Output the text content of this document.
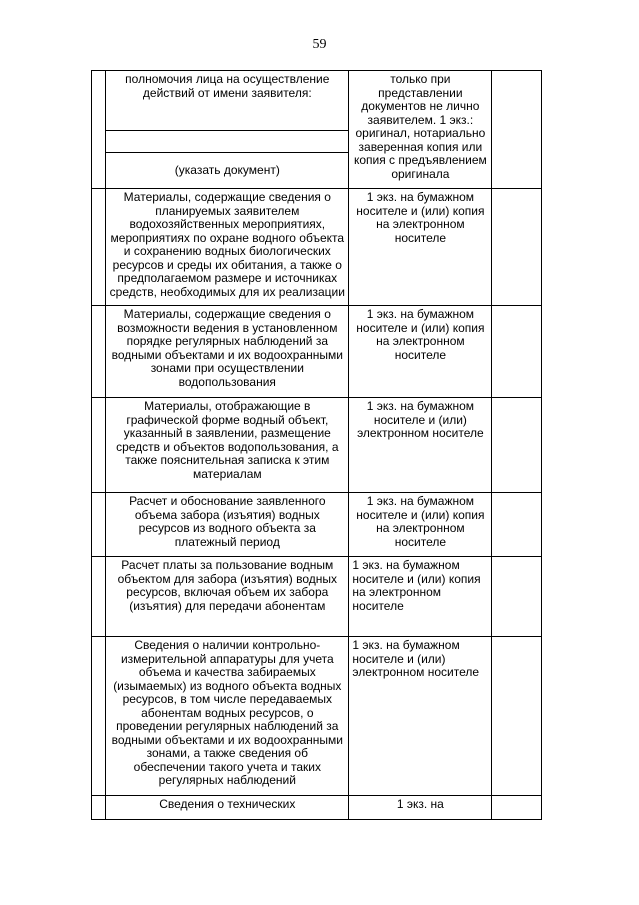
59
	полномочия лица на осуществление действий от имени заявителя:	только при представлении документов не лично заявителем. 1 экз.: оригинал, нотариально заверенная копия или копия с предъявлением оригинала	

	(указать документ)		
	Материалы, содержащие сведения о планируемых заявителем водохозяйственных мероприятиях, мероприятиях по охране водного объекта и сохранению водных биологических ресурсов и среды их обитания, а также о предполагаемом размере и источниках средств, необходимых для их реализации	1 экз. на бумажном носителе и (или) копия на электронном носителе	
	Материалы, содержащие сведения о возможности ведения в установленном порядке регулярных наблюдений за водными объектами и их водоохранными зонами при осуществлении водопользования	1 экз. на бумажном носителе и (или) копия на электронном носителе	
	Материалы, отображающие в графической форме водный объект, указанный в заявлении, размещение средств и объектов водопользования, а также пояснительная записка к этим материалам	1 экз. на бумажном носителе и (или) электронном носителе	
	Расчет и обоснование заявленного объема забора (изъятия) водных ресурсов из водного объекта за платежный период	1 экз. на бумажном носителе и (или) копия на электронном носителе	
	Расчет платы за пользование водным объектом для забора (изъятия) водных ресурсов, включая объем их забора (изъятия) для передачи абонентам	1 экз. на бумажном носителе и (или) копия на электронном носителе	
	Сведения о наличии контрольно-измерительной аппаратуры для учета объема и качества забираемых (изымаемых) из водного объекта водных ресурсов, в том числе передаваемых абонентам водных ресурсов, о проведении регулярных наблюдений за водными объектами и их водоохранными зонами, а также сведения об обеспечении такого учета и таких регулярных наблюдений	1 экз. на бумажном носителе и (или) электронном носителе	
	Сведения о технических	1 экз. на	
